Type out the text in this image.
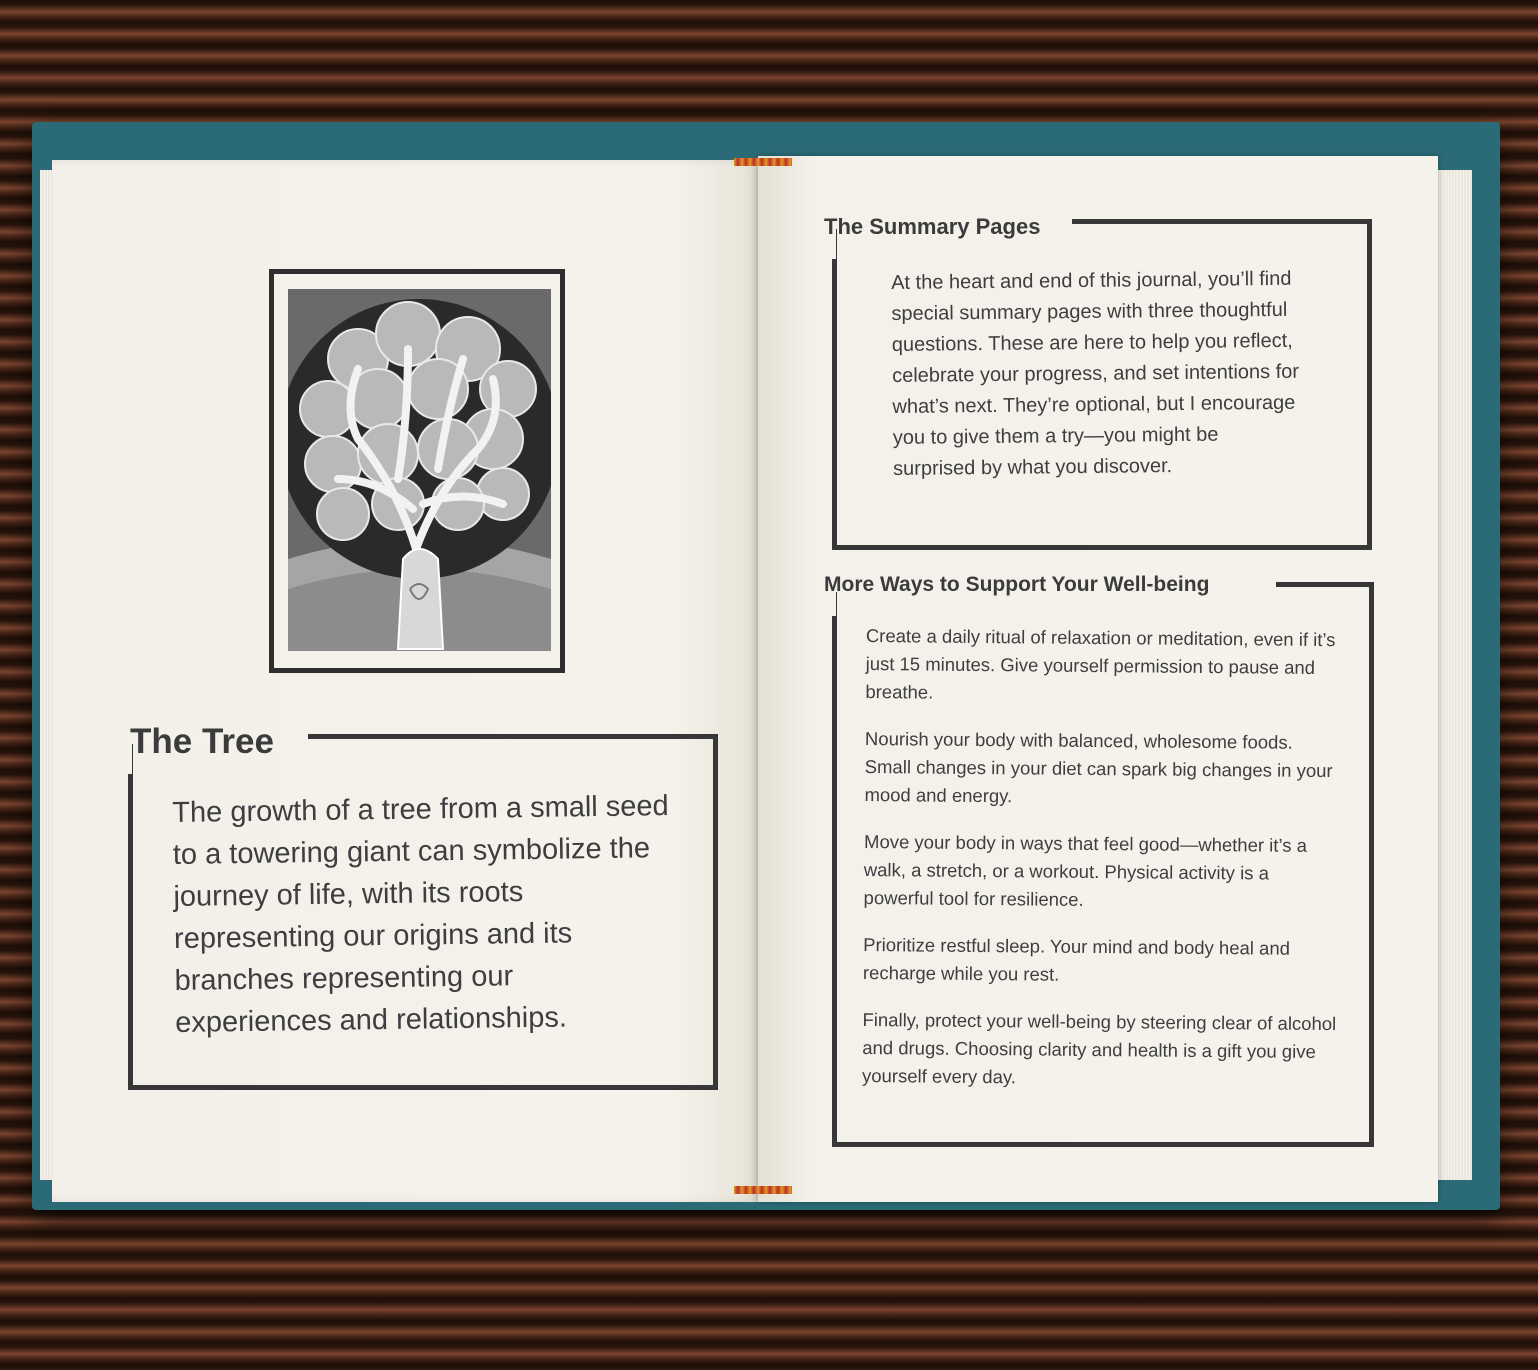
The Tree

The growth of a tree from a small seed to a towering giant can symbolize the journey of life, with its roots representing our origins and its branches representing our experiences and relationships.

The Summary Pages

At the heart and end of this journal, you’ll find special summary pages with three thoughtful questions. These are here to help you reflect, celebrate your progress, and set intentions for what’s next. They’re optional, but I encourage you to give them a try—you might be surprised by what you discover.

More Ways to Support Your Well-being
Create a daily ritual of relaxation or meditation, even if it’s just 15 minutes. Give yourself permission to pause and breathe.
Nourish your body with balanced, wholesome foods. Small changes in your diet can spark big changes in your mood and energy.
Move your body in ways that feel good—whether it’s a walk, a stretch, or a workout. Physical activity is a powerful tool for resilience.
Prioritize restful sleep. Your mind and body heal and recharge while you rest.
Finally, protect your well-being by steering clear of alcohol and drugs. Choosing clarity and health is a gift you give yourself every day.
